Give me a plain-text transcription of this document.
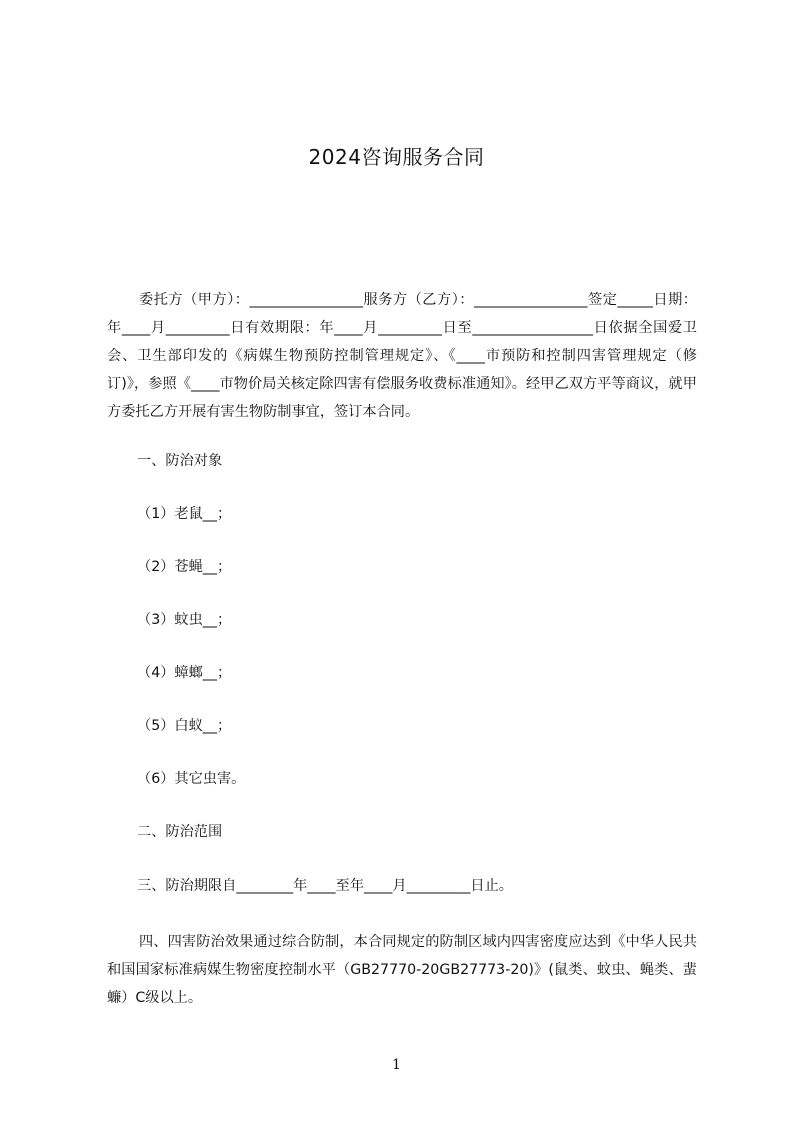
2024咨询服务合同

委托方（甲方）：________________服务方（乙方）：________________签定_____日期：年____月_________日有效期限：年____月_________日至_________________日依据全国爱卫会、卫生部印发的《病媒生物预防控制管理规定》、《____市预防和控制四害管理规定（修订)》，参照《____市物价局关核定除四害有偿服务收费标准通知》。经甲乙双方平等商议，就甲方委托乙方开展有害生物防制事宜，签订本合同。

一、防治对象
（1）老鼠__；
（2）苍蝇__；
（3）蚊虫__；
（4）蟑螂__；
（5）白蚁__；
（6）其它虫害。
二、防治范围
三、防治期限自________年____至年____月_________日止。

四、四害防治效果通过综合防制，本合同规定的防制区域内四害密度应达到《中华人民共和国国家标准病媒生物密度控制水平（GB27770-20GB27773-20)》(鼠类、蚊虫、蝇类、蜚蠊）C级以上。

1
